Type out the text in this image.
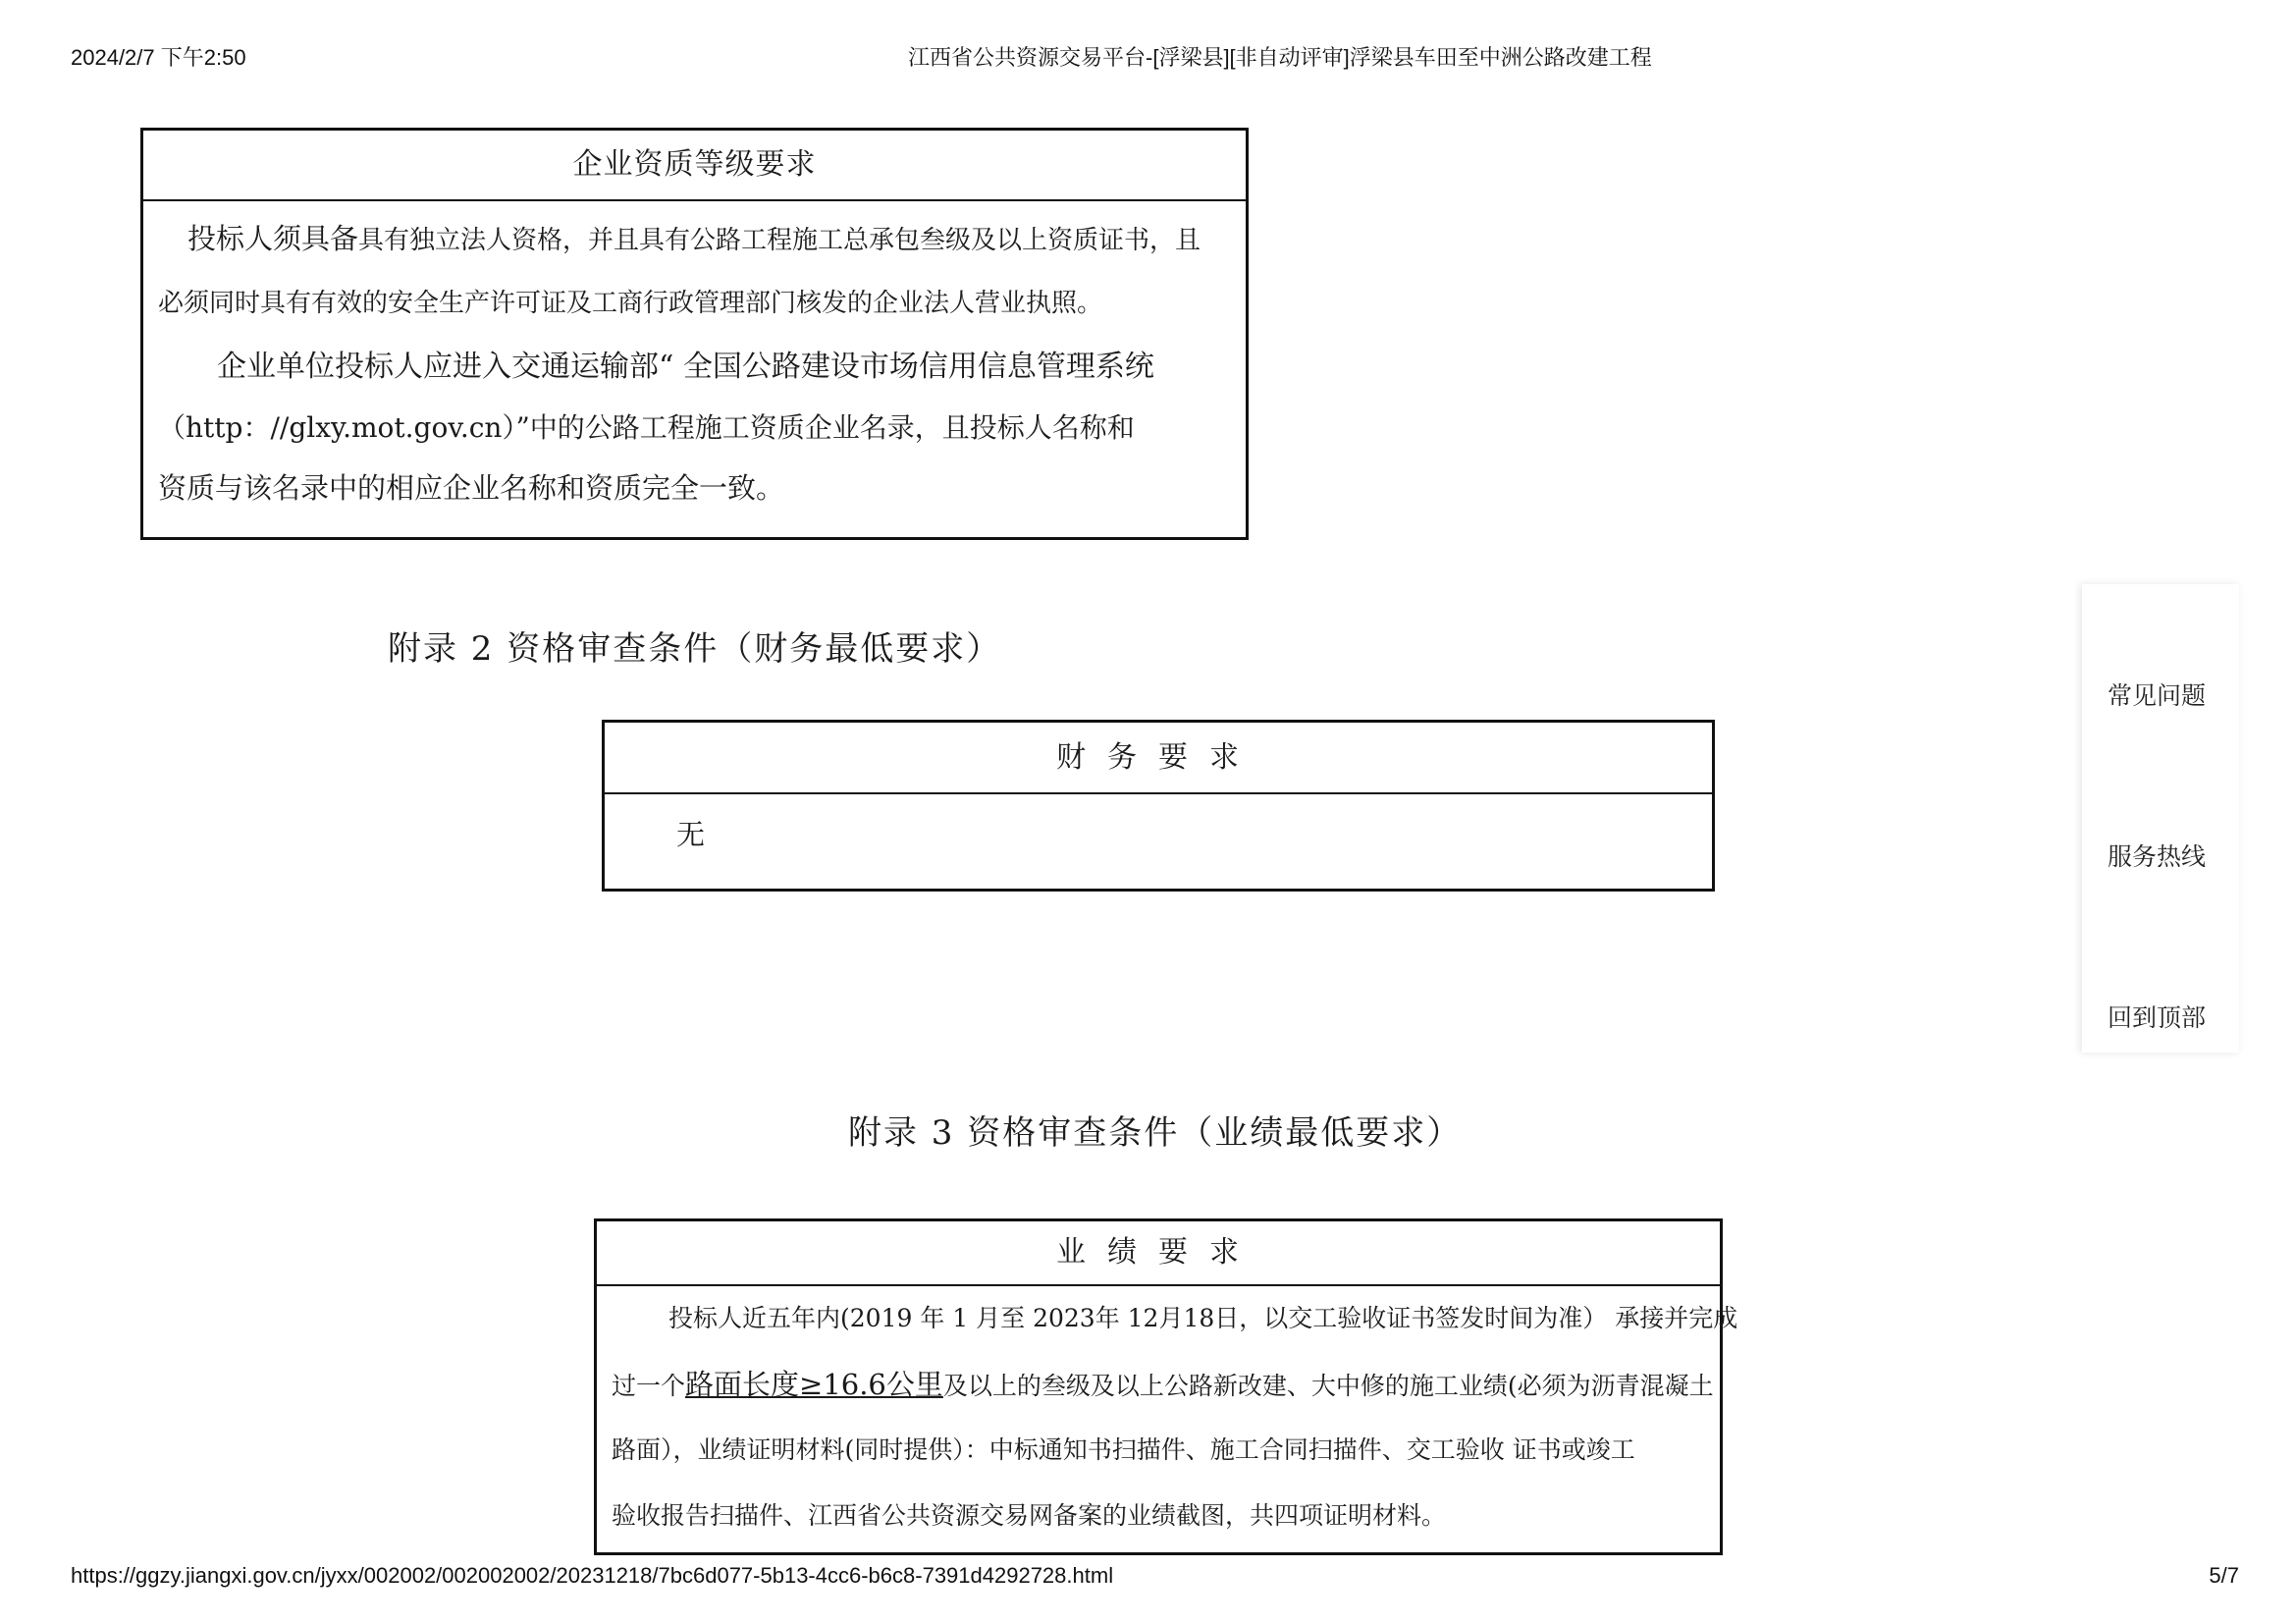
2024/2/7 下午2:50	江西省公共资源交易平台-[浮梁县][非自动评审]浮梁县车田至中洲公路改建工程
企业资质等级要求
投标人须具备具有独立法人资格，并且具有公路工程施工总承包叁级及以上资质证书，且
必须同时具有有效的安全生产许可证及工商行政管理部门核发的企业法人营业执照。
企业单位投标人应进入交通运输部“ 全国公路建设市场信用信息管理系统
（http：//glxy.mot.gov.cn）”中的公路工程施工资质企业名录，且投标人名称和
资质与该名录中的相应企业名称和资质完全一致。
附录 2 资格审查条件（财务最低要求）
财务要求
无
附录 3 资格审查条件（业绩最低要求）
业绩要求
投标人近五年内(2019 年 1 月至 2023年 12月18日，以交工验收证书签发时间为准） 承接并完成
过一个路面长度≥16.6公里及以上的叁级及以上公路新改建、大中修的施工业绩(必须为沥青混凝土
路面），业绩证明材料(同时提供）：中标通知书扫描件、施工合同扫描件、交工验收 证书或竣工
验收报告扫描件、江西省公共资源交易网备案的业绩截图，共四项证明材料。
常见问题
服务热线
回到顶部
https://ggzy.jiangxi.gov.cn/jyxx/002002/002002002/20231218/7bc6d077-5b13-4cc6-b6c8-7391d4292728.html	5/7
